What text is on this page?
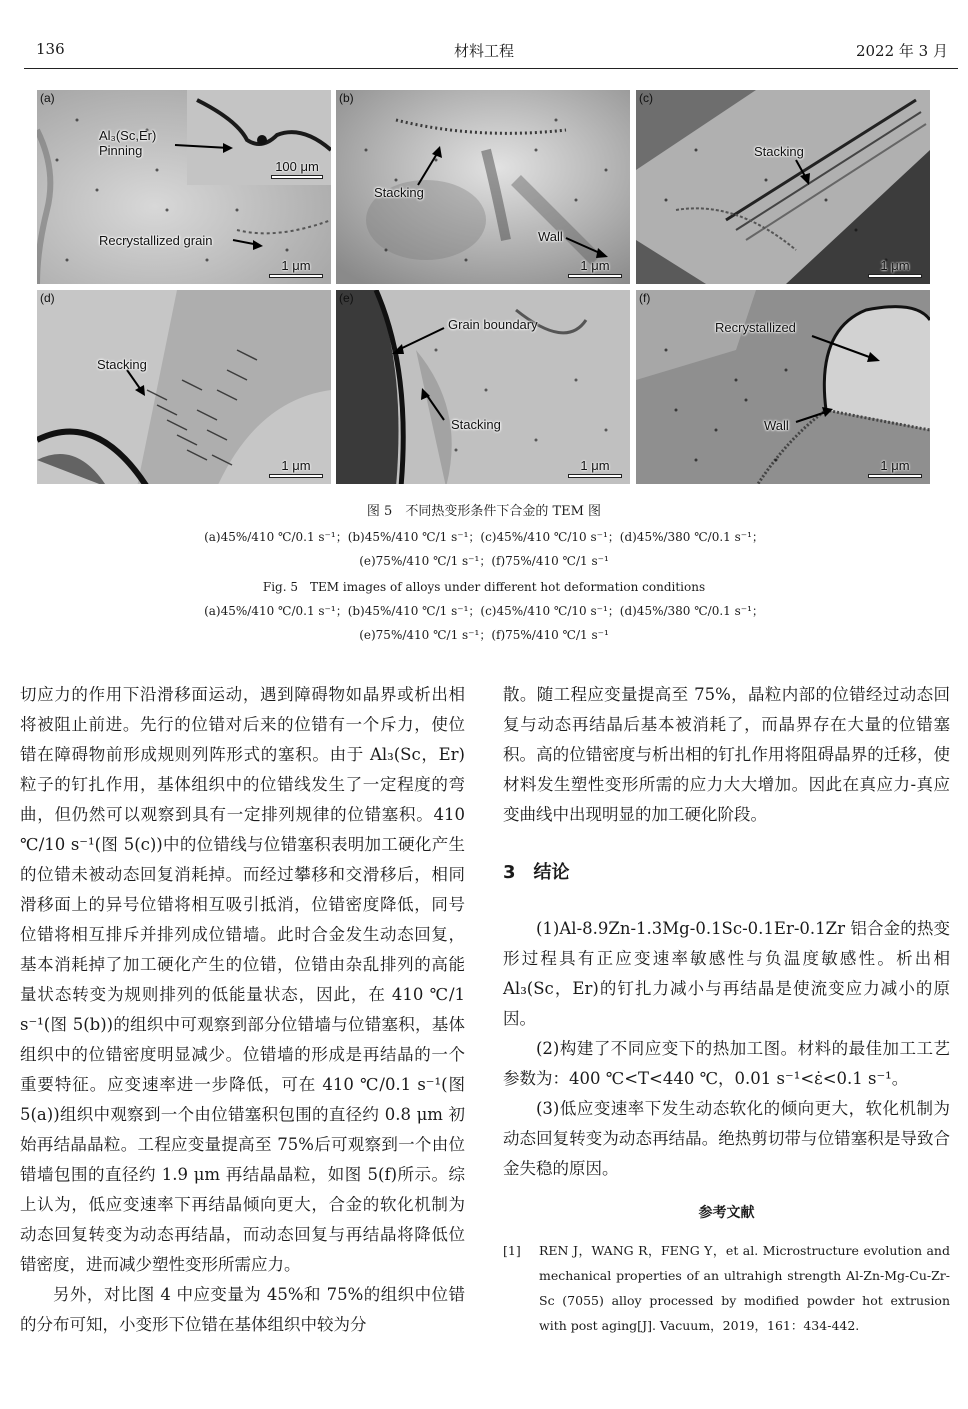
136	材料工程	2022 年 3 月
(a)
Al₃(Sc,Er)
Pinning
Recrystallized grain
100 μm
1 μm
(b)
Stacking
Wall
1 μm
(c)
Stacking
1 μm
(d)
Stacking
1 μm
(e)
Grain boundary
Stacking
1 μm
(f)
Recrystallized
Wall
1 μm
图 5　不同热变形条件下合金的 TEM 图
(a)45%/410 ℃/0.1 s⁻¹；(b)45%/410 ℃/1 s⁻¹；(c)45%/410 ℃/10 s⁻¹；(d)45%/380 ℃/0.1 s⁻¹；
(e)75%/410 ℃/1 s⁻¹；(f)75%/410 ℃/1 s⁻¹
Fig. 5　TEM images of alloys under different hot deformation conditions
(a)45%/410 ℃/0.1 s⁻¹；(b)45%/410 ℃/1 s⁻¹；(c)45%/410 ℃/10 s⁻¹；(d)45%/380 ℃/0.1 s⁻¹；
(e)75%/410 ℃/1 s⁻¹；(f)75%/410 ℃/1 s⁻¹

切应力的作用下沿滑移面运动，遇到障碍物如晶界或析出相将被阻止前进。先行的位错对后来的位错有一个斥力，使位错在障碍物前形成规则列阵形式的塞积。由于 Al₃(Sc，Er)粒子的钉扎作用，基体组织中的位错线发生了一定程度的弯曲，但仍然可以观察到具有一定排列规律的位错塞积。410 ℃/10 s⁻¹(图 5(c))中的位错线与位错塞积表明加工硬化产生的位错未被动态回复消耗掉。而经过攀移和交滑移后，相同滑移面上的异号位错将相互吸引抵消，位错密度降低，同号位错将相互排斥并排列成位错墙。此时合金发生动态回复，基本消耗掉了加工硬化产生的位错，位错由杂乱排列的高能量状态转变为规则排列的低能量状态，因此，在 410 ℃/1 s⁻¹(图 5(b))的组织中可观察到部分位错墙与位错塞积，基体组织中的位错密度明显减少。位错墙的形成是再结晶的一个重要特征。应变速率进一步降低，可在 410 ℃/0.1 s⁻¹(图 5(a))组织中观察到一个由位错塞积包围的直径约 0.8 μm 初始再结晶晶粒。工程应变量提高至 75%后可观察到一个由位错墙包围的直径约 1.9 μm 再结晶晶粒，如图 5(f)所示。综上认为，低应变速率下再结晶倾向更大，合金的软化机制为动态回复转变为动态再结晶，而动态回复与再结晶将降低位错密度，进而减少塑性变形所需应力。

另外，对比图 4 中应变量为 45%和 75%的组织中位错的分布可知，小变形下位错在基体组织中较为分

散。随工程应变量提高至 75%，晶粒内部的位错经过动态回复与动态再结晶后基本被消耗了，而晶界存在大量的位错塞积。高的位错密度与析出相的钉扎作用将阻碍晶界的迁移，使材料发生塑性变形所需的应力大大增加。因此在真应力-真应变曲线中出现明显的加工硬化阶段。

3　结论

(1)Al-8.9Zn-1.3Mg-0.1Sc-0.1Er-0.1Zr 铝合金的热变形过程具有正应变速率敏感性与负温度敏感性。析出相 Al₃(Sc，Er)的钉扎力减小与再结晶是使流变应力减小的原因。

(2)构建了不同应变下的热加工图。材料的最佳加工工艺参数为：400 ℃<T<440 ℃，0.01 s⁻¹<ε̇<0.1 s⁻¹。

(3)低应变速率下发生动态软化的倾向更大，软化机制为动态回复转变为动态再结晶。绝热剪切带与位错塞积是导致合金失稳的原因。

参考文献
[1]	REN J，WANG R，FENG Y，et al. Microstructure evolution and mechanical properties of an ultrahigh strength Al-Zn-Mg-Cu-Zr-Sc (7055) alloy processed by modified powder hot extrusion with post aging[J]. Vacuum，2019，161：434-442.
